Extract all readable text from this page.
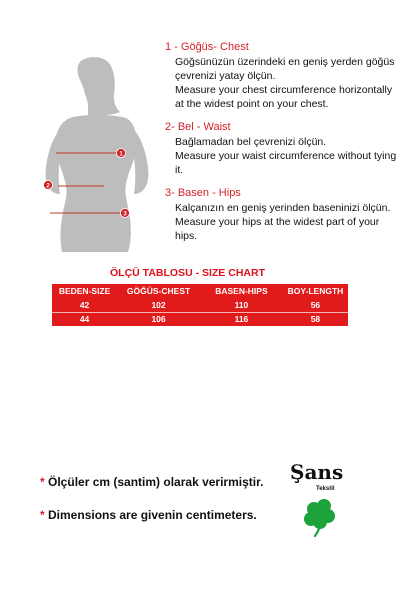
1
2
3
1 - Göğüs- Chest
Göğsünüzün üzerindeki en geniş yerden göğüs çevrenizi yatay ölçün.
Measure your chest circumference horizontally at the widest point on your chest.
2- Bel - Waist
Bağlamadan bel çevrenizi ölçün.
Measure your waist circumference without tying it.
3- Basen - Hips
Kalçanızın en geniş yerinden baseninizi ölçün.
Measure your hips at the widest part of your hips.
ÖLÇÜ TABLOSU - SIZE CHART
BEDEN-SIZE	GÖĞÜS-CHEST	BASEN-HIPS	BOY-LENGTH
42	102	110	56
44	106	116	58
* Ölçüler cm (santim) olarak verirmiştir.
* Dimensions are givenin centimeters.
Şans
Tekstil
